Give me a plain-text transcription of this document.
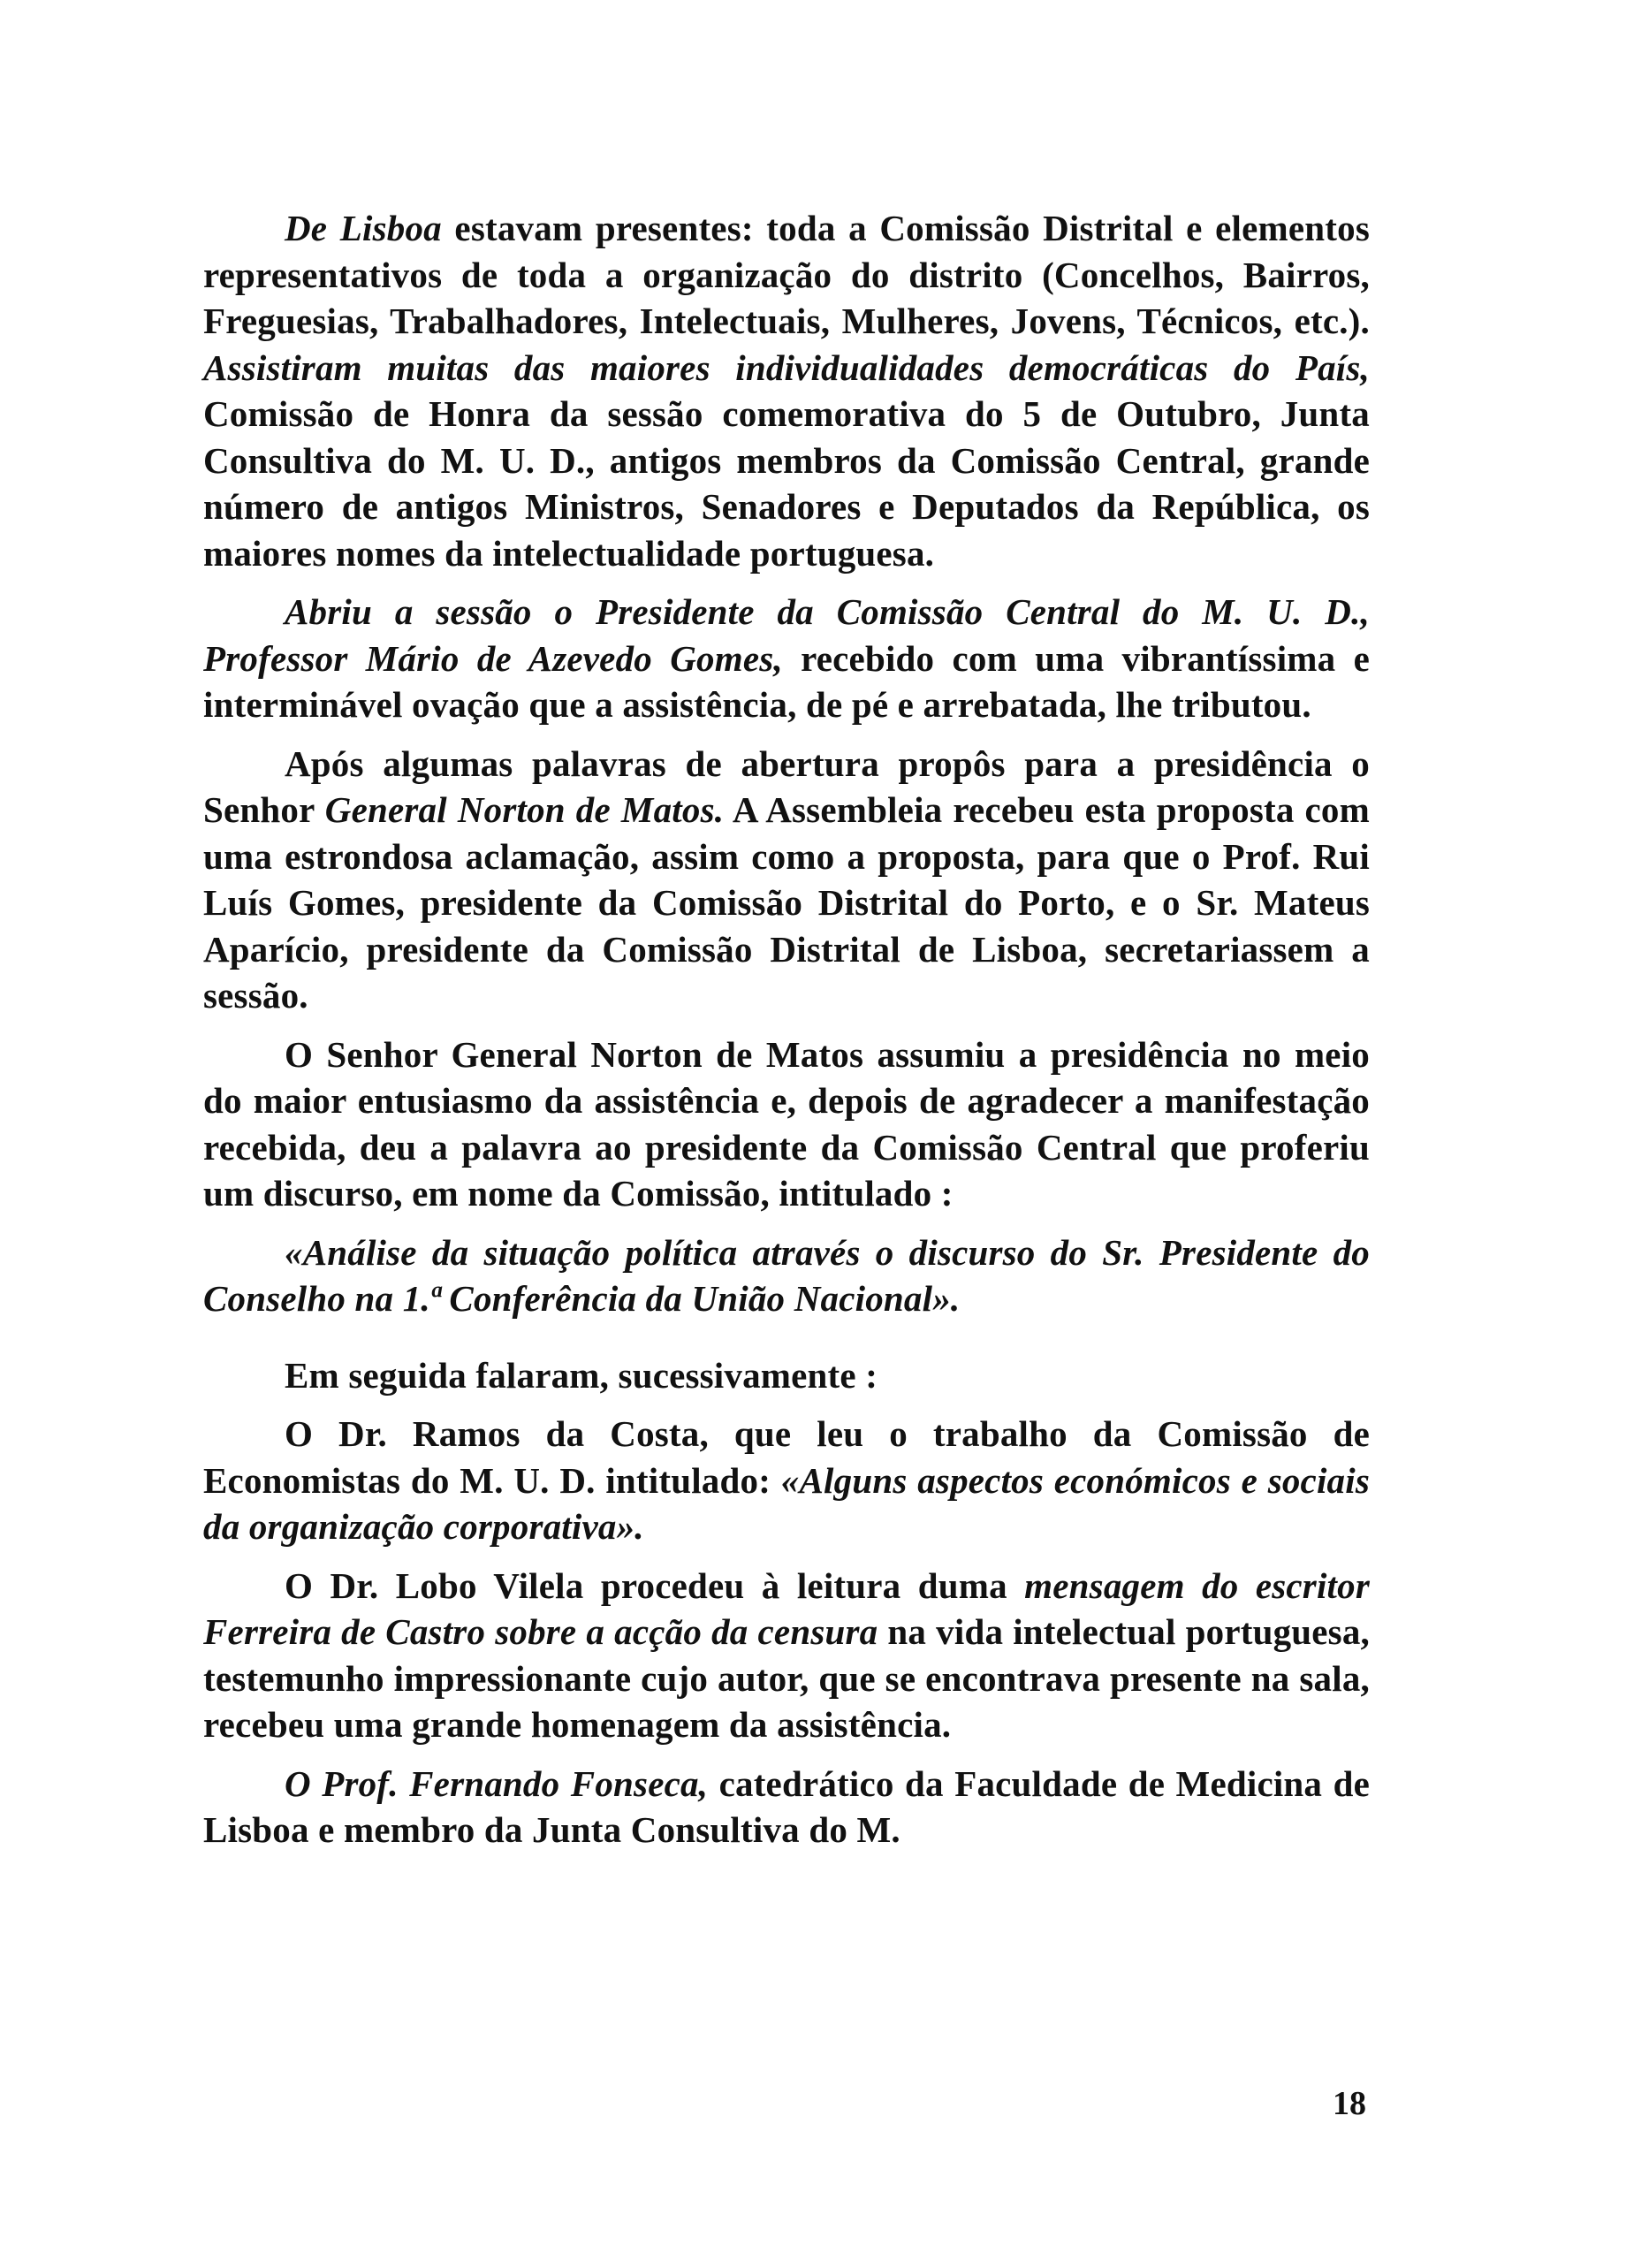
De Lisboa estavam presentes: toda a Comissão Distrital e elementos representativos de toda a organização do distrito (Concelhos, Bairros, Freguesias, Trabalhadores, Intelectuais, Mulheres, Jovens, Técnicos, etc.). Assistiram muitas das maiores individualidades democráticas do País, Comissão de Honra da sessão comemorativa do 5 de Outubro, Junta Consultiva do M. U. D., antigos membros da Comissão Central, grande número de antigos Ministros, Senadores e Deputados da República, os maiores nomes da intelectualidade portuguesa.

Abriu a sessão o Presidente da Comissão Central do M. U. D., Professor Mário de Azevedo Gomes, recebido com uma vibrantíssima e interminável ovação que a assistência, de pé e arrebatada, lhe tributou.

Após algumas palavras de abertura propôs para a presidência o Senhor General Norton de Matos. A Assembleia recebeu esta proposta com uma estrondosa aclamação, assim como a proposta, para que o Prof. Rui Luís Gomes, presidente da Comissão Distrital do Porto, e o Sr. Mateus Aparício, presidente da Comissão Distrital de Lisboa, secretariassem a sessão.

O Senhor General Norton de Matos assumiu a presidência no meio do maior entusiasmo da assistência e, depois de agradecer a manifestação recebida, deu a palavra ao presidente da Comissão Central que proferiu um discurso, em nome da Comissão, intitulado :

«Análise da situação política através o discurso do Sr. Presidente do Conselho na 1.ª Conferência da União Nacional».

Em seguida falaram, sucessivamente :

O Dr. Ramos da Costa, que leu o trabalho da Comissão de Economistas do M. U. D. intitulado: «Alguns aspectos económicos e sociais da organização corporativa».

O Dr. Lobo Vilela procedeu à leitura duma mensagem do escritor Ferreira de Castro sobre a acção da censura na vida intelectual portuguesa, testemunho impressionante cujo autor, que se encontrava presente na sala, recebeu uma grande homenagem da assistência.

O Prof. Fernando Fonseca, catedrático da Faculdade de Medicina de Lisboa e membro da Junta Consultiva do M.

18
